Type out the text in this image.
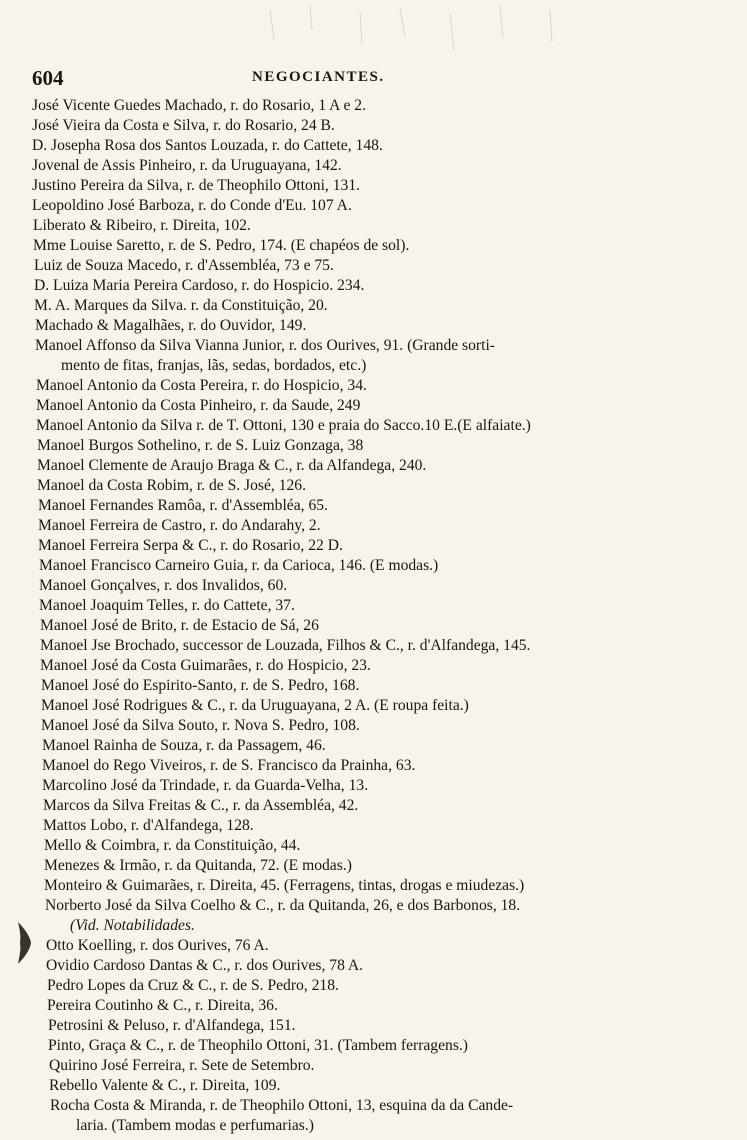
604	NEGOCIANTES.
José Vicente Guedes Machado, r. do Rosario, 1 A e 2.
José Vieira da Costa e Silva, r. do Rosario, 24 B.
D. Josepha Rosa dos Santos Louzada, r. do Cattete, 148.
Jovenal de Assis Pinheiro, r. da Uruguayana, 142.
Justino Pereira da Silva, r. de Theophilo Ottoni, 131.
Leopoldino José Barboza, r. do Conde d'Eu. 107 A.
Liberato & Ribeiro, r. Direita, 102.
Mme Louise Saretto, r. de S. Pedro, 174. (E chapéos de sol).
Luiz de Souza Macedo, r. d'Assembléa, 73 e 75.
D. Luiza Maria Pereira Cardoso, r. do Hospicio. 234.
M. A. Marques da Silva. r. da Constituição, 20.
Machado & Magalhães, r. do Ouvidor, 149.
Manoel Affonso da Silva Vianna Junior, r. dos Ourives, 91. (Grande sorti-
mento de fitas, franjas, lãs, sedas, bordados, etc.)
Manoel Antonio da Costa Pereira, r. do Hospicio, 34.
Manoel Antonio da Costa Pinheiro, r. da Saude, 249
Manoel Antonio da Silva r. de T. Ottoni, 130 e praia do Sacco.10 E.(E alfaiate.)
Manoel Burgos Sothelino, r. de S. Luiz Gonzaga, 38
Manoel Clemente de Araujo Braga & C., r. da Alfandega, 240.
Manoel da Costa Robim, r. de S. José, 126.
Manoel Fernandes Ramôa, r. d'Assembléa, 65.
Manoel Ferreira de Castro, r. do Andarahy, 2.
Manoel Ferreira Serpa & C., r. do Rosario, 22 D.
Manoel Francisco Carneiro Guia, r. da Carioca, 146. (E modas.)
Manoel Gonçalves, r. dos Invalidos, 60.
Manoel Joaquim Telles, r. do Cattete, 37.
Manoel José de Brito, r. de Estacio de Sá, 26
Manoel Jse Brochado, successor de Louzada, Filhos & C., r. d'Alfandega, 145.
Manoel José da Costa Guimarães, r. do Hospicio, 23.
Manoel José do Espirito-Santo, r. de S. Pedro, 168.
Manoel José Rodrigues & C., r. da Uruguayana, 2 A. (E roupa feita.)
Manoel José da Silva Souto, r. Nova S. Pedro, 108.
Manoel Rainha de Souza, r. da Passagem, 46.
Manoel do Rego Viveiros, r. de S. Francisco da Prainha, 63.
Marcolino José da Trindade, r. da Guarda-Velha, 13.
Marcos da Silva Freitas & C., r. da Assembléa, 42.
Mattos Lobo, r. d'Alfandega, 128.
Mello & Coimbra, r. da Constituição, 44.
Menezes & Irmão, r. da Quitanda, 72. (E modas.)
Monteiro & Guimarães, r. Direita, 45. (Ferragens, tintas, drogas e miudezas.)
Norberto José da Silva Coelho & C., r. da Quitanda, 26, e dos Barbonos, 18.
(Vid. Notabilidades.
Otto Koelling, r. dos Ourives, 76 A.
Ovidio Cardoso Dantas & C., r. dos Ourives, 78 A.
Pedro Lopes da Cruz & C., r. de S. Pedro, 218.
Pereira Coutinho & C., r. Direita, 36.
Petrosini & Peluso, r. d'Alfandega, 151.
Pinto, Graça & C., r. de Theophilo Ottoni, 31. (Tambem ferragens.)
Quirino José Ferreira, r. Sete de Setembro.
Rebello Valente & C., r. Direita, 109.
Rocha Costa & Miranda, r. de Theophilo Ottoni, 13, esquina da da Cande-
laria. (Tambem modas e perfumarias.)
